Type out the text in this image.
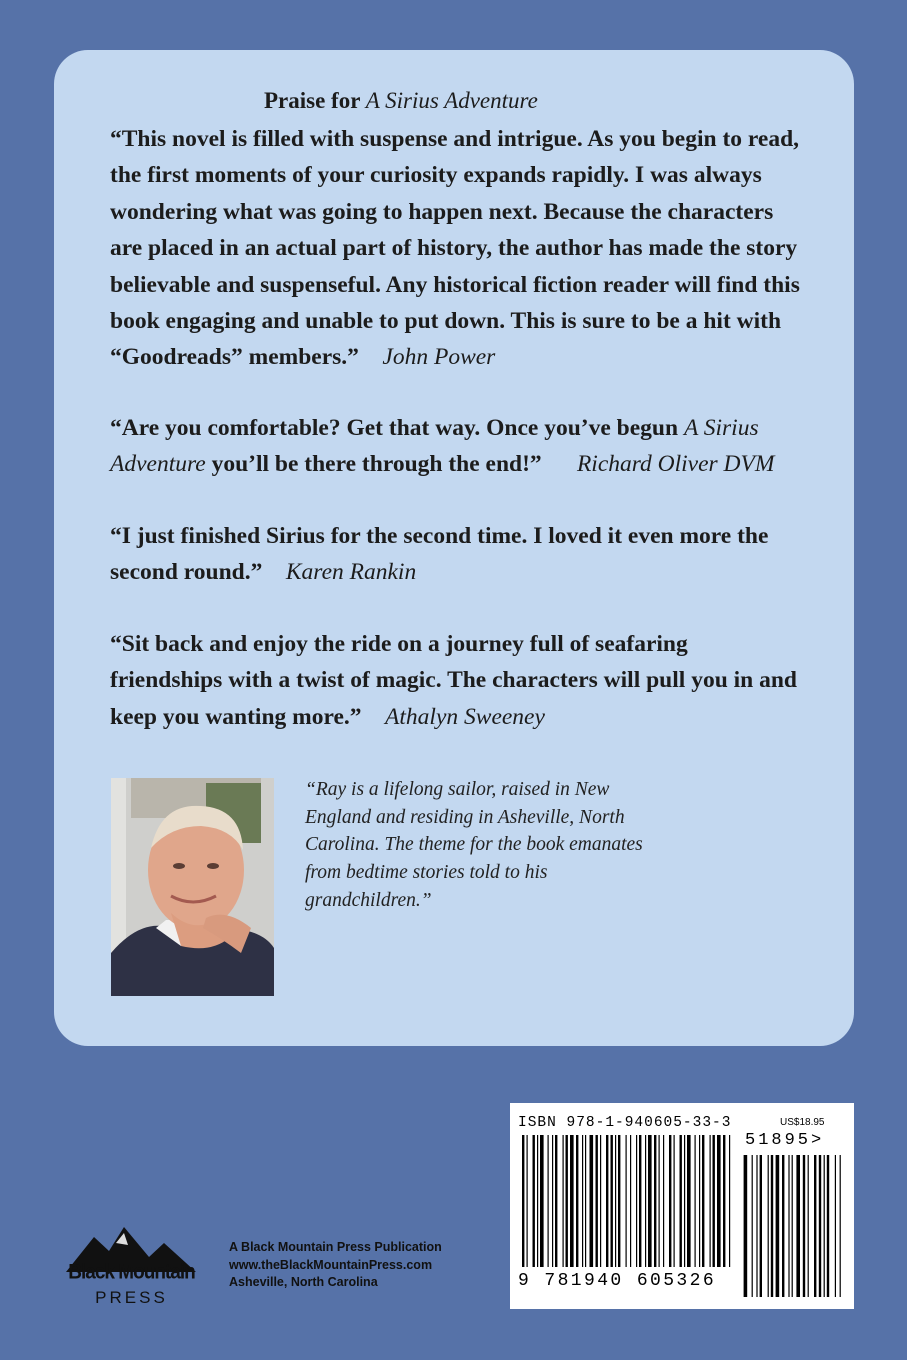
Praise for A Sirius Adventure
“This novel is filled with suspense and intrigue. As you begin to read, the first moments of your curiosity expands rapidly. I was always wondering what was going to happen next. Because the characters are placed in an actual part of history, the author has made the story believable and suspenseful. Any historical fiction reader will find this book engaging and unable to put down. This is sure to be a hit with “Goodreads” members.” John Power
“Are you comfortable? Get that way. Once you’ve begun A Sirius Adventure you’ll be there through the end!” Richard Oliver DVM
“I just finished Sirius for the second time. I loved it even more the second round.” Karen Rankin
“Sit back and enjoy the ride on a journey full of seafaring friendships with a twist of magic. The characters will pull you in and keep you wanting more.” Athalyn Sweeney
“Ray is a lifelong sailor, raised in New England and residing in Asheville, North Carolina. The theme for the book emanates from bedtime stories told to his grandchildren.”
ISBN 978-1-940605-33-3	US$18.95
51895>
9 781940 605326
Black Mountain
PRESS
A Black Mountain Press Publication
www.theBlackMountainPress.com
Asheville, North Carolina
